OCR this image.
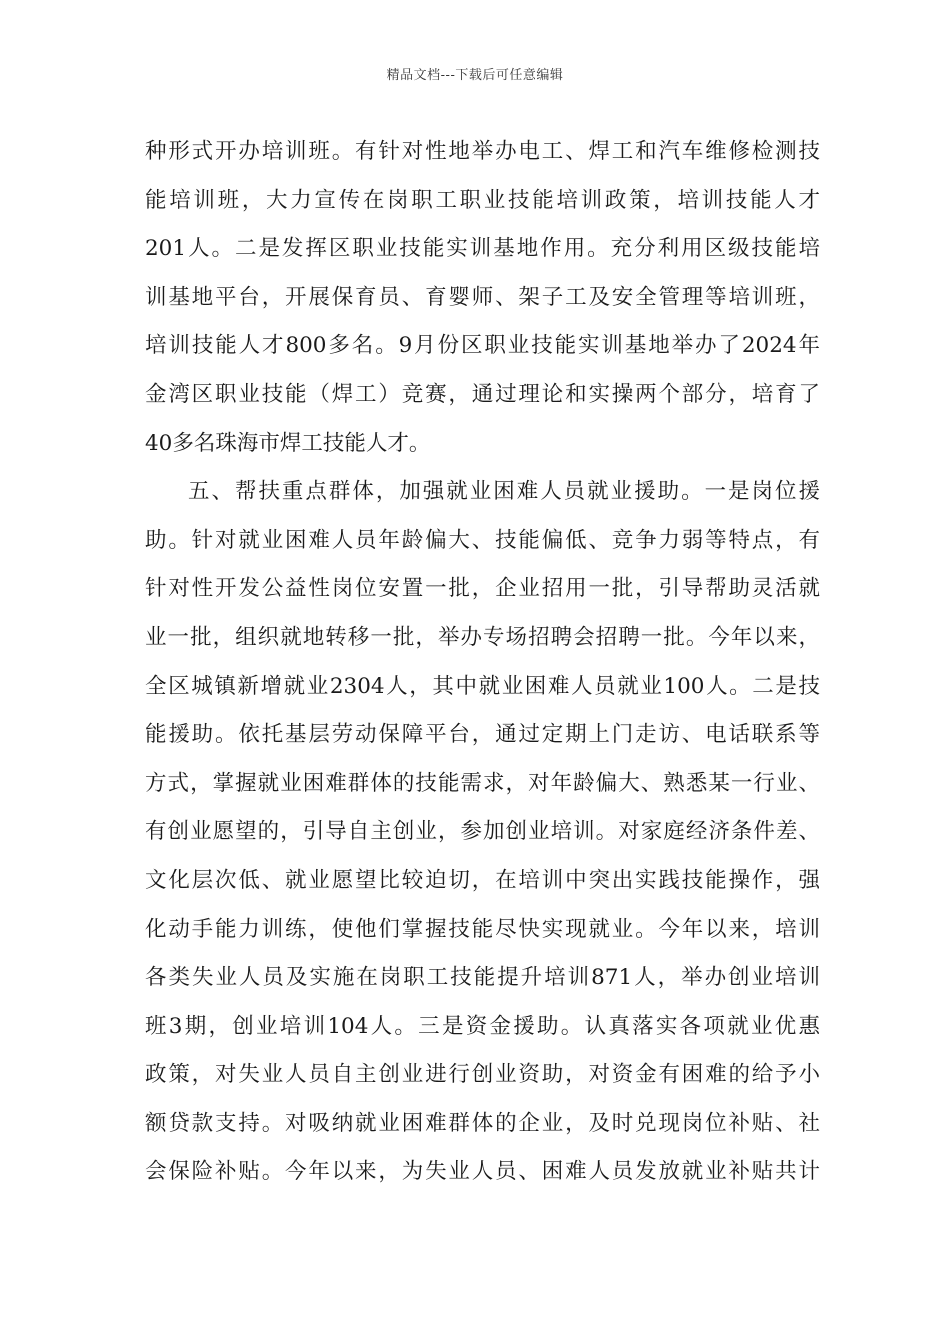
精品文档---下载后可任意编辑
种形式开办培训班。有针对性地举办电工、焊工和汽车维修检测技
能培训班，大力宣传在岗职工职业技能培训政策，培训技能人才
201人。二是发挥区职业技能实训基地作用。充分利用区级技能培
训基地平台，开展保育员、育婴师、架子工及安全管理等培训班，
培训技能人才800多名。9月份区职业技能实训基地举办了2024年
金湾区职业技能（焊工）竞赛，通过理论和实操两个部分，培育了
40多名珠海市焊工技能人才。
五、帮扶重点群体，加强就业困难人员就业援助。一是岗位援
助。针对就业困难人员年龄偏大、技能偏低、竞争力弱等特点，有
针对性开发公益性岗位安置一批，企业招用一批，引导帮助灵活就
业一批，组织就地转移一批，举办专场招聘会招聘一批。今年以来，
全区城镇新增就业2304人，其中就业困难人员就业100人。二是技
能援助。依托基层劳动保障平台，通过定期上门走访、电话联系等
方式，掌握就业困难群体的技能需求，对年龄偏大、熟悉某一行业、
有创业愿望的，引导自主创业，参加创业培训。对家庭经济条件差、
文化层次低、就业愿望比较迫切，在培训中突出实践技能操作，强
化动手能力训练，使他们掌握技能尽快实现就业。今年以来，培训
各类失业人员及实施在岗职工技能提升培训871人，举办创业培训
班3期，创业培训104人。三是资金援助。认真落实各项就业优惠
政策，对失业人员自主创业进行创业资助，对资金有困难的给予小
额贷款支持。对吸纳就业困难群体的企业，及时兑现岗位补贴、社
会保险补贴。今年以来，为失业人员、困难人员发放就业补贴共计
